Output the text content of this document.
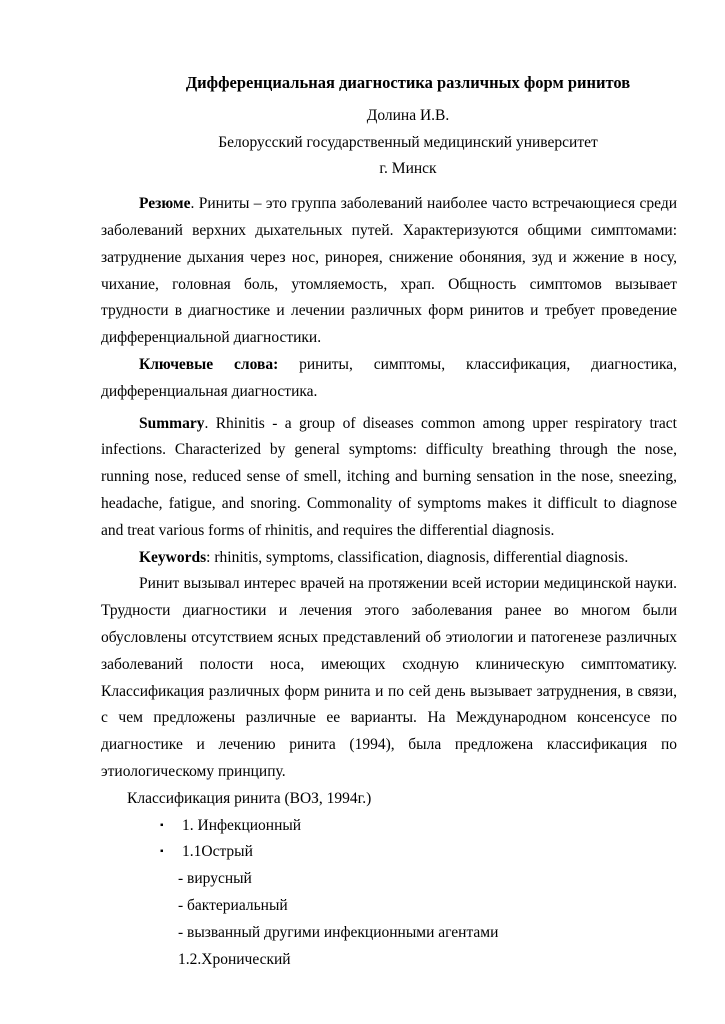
Дифференциальная диагностика различных форм ринитов

Долина И.В.

Белорусский государственный медицинский университет

г. Минск

Резюме. Риниты – это группа заболеваний наиболее часто встречающиеся среди заболеваний верхних дыхательных путей. Характеризуются общими симптомами: затруднение дыхания через нос, ринорея, снижение обоняния, зуд и жжение в носу, чихание, головная боль, утомляемость, храп. Общность симптомов вызывает трудности в диагностике и лечении различных форм ринитов и требует проведение дифференциальной диагностики.

Ключевые слова: риниты, симптомы, классификация, диагностика, дифференциальная диагностика.

Summary. Rhinitis - a group of diseases common among upper respiratory tract infections. Characterized by general symptoms: difficulty breathing through the nose, running nose, reduced sense of smell, itching and burning sensation in the nose, sneezing, headache, fatigue, and snoring. Commonality of symptoms makes it difficult to diagnose and treat various forms of rhinitis, and requires the differential diagnosis.

Keywords: rhinitis, symptoms, classification, diagnosis, differential diagnosis.

Ринит вызывал интерес врачей на протяжении всей истории медицинской науки. Трудности диагностики и лечения этого заболевания ранее во многом были обусловлены отсутствием ясных представлений об этиологии и патогенезе различных заболеваний полости носа, имеющих сходную клиническую симптоматику. Классификация различных форм ринита и по сей день вызывает затруднения, в связи, с чем предложены различные ее варианты. На Международном консенсусе по диагностике и лечению ринита (1994), была предложена классификация по этиологическому принципу.

Классификация ринита (ВОЗ, 1994г.)

▪ 1. Инфекционный

▪ 1.1Острый

- вирусный

- бактериальный

- вызванный другими инфекционными агентами

1.2.Хронический
